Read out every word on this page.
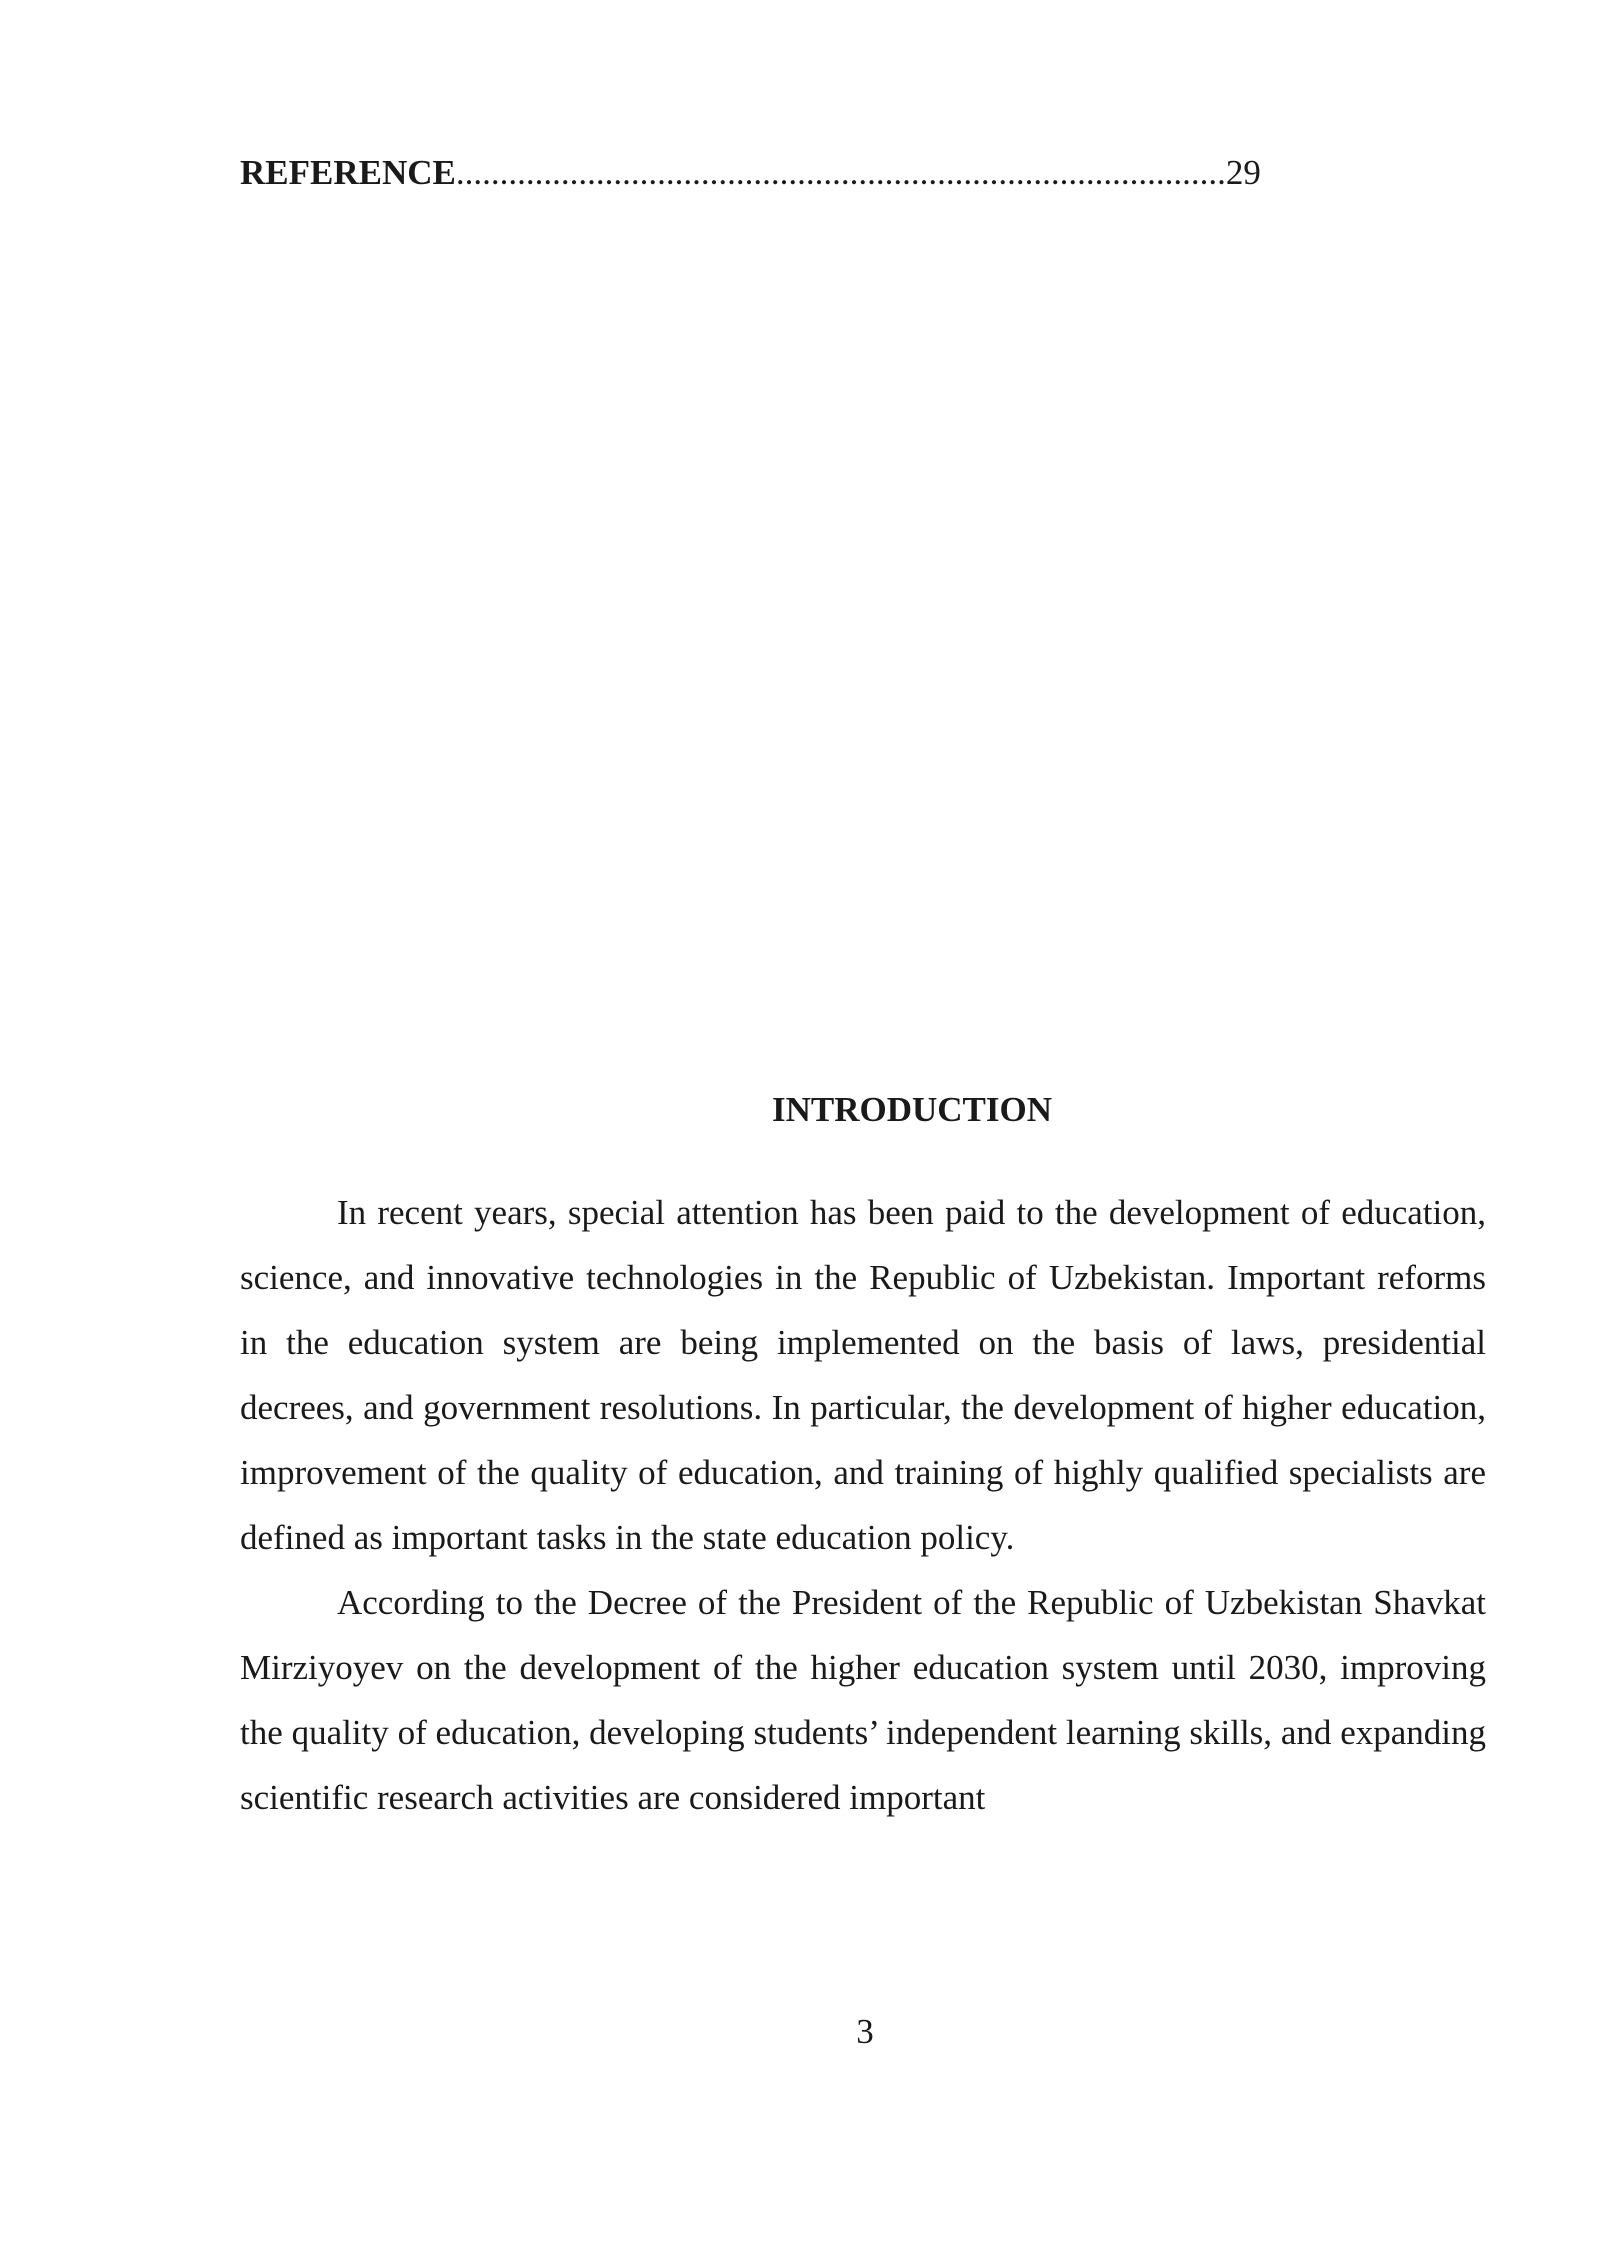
REFERENCE........................................................................................29
INTRODUCTION

In recent years, special attention has been paid to the development of education, science, and innovative technologies in the Republic of Uzbekistan. Important reforms in the education system are being implemented on the basis of laws, presidential decrees, and government resolutions. In particular, the development of higher education, improvement of the quality of education, and training of highly qualified specialists are defined as important tasks in the state education policy.

According to the Decree of the President of the Republic of Uzbekistan Shavkat Mirziyoyev on the development of the higher education system until 2030, improving the quality of education, developing students’ independent learning skills, and expanding scientific research activities are considered important

3
